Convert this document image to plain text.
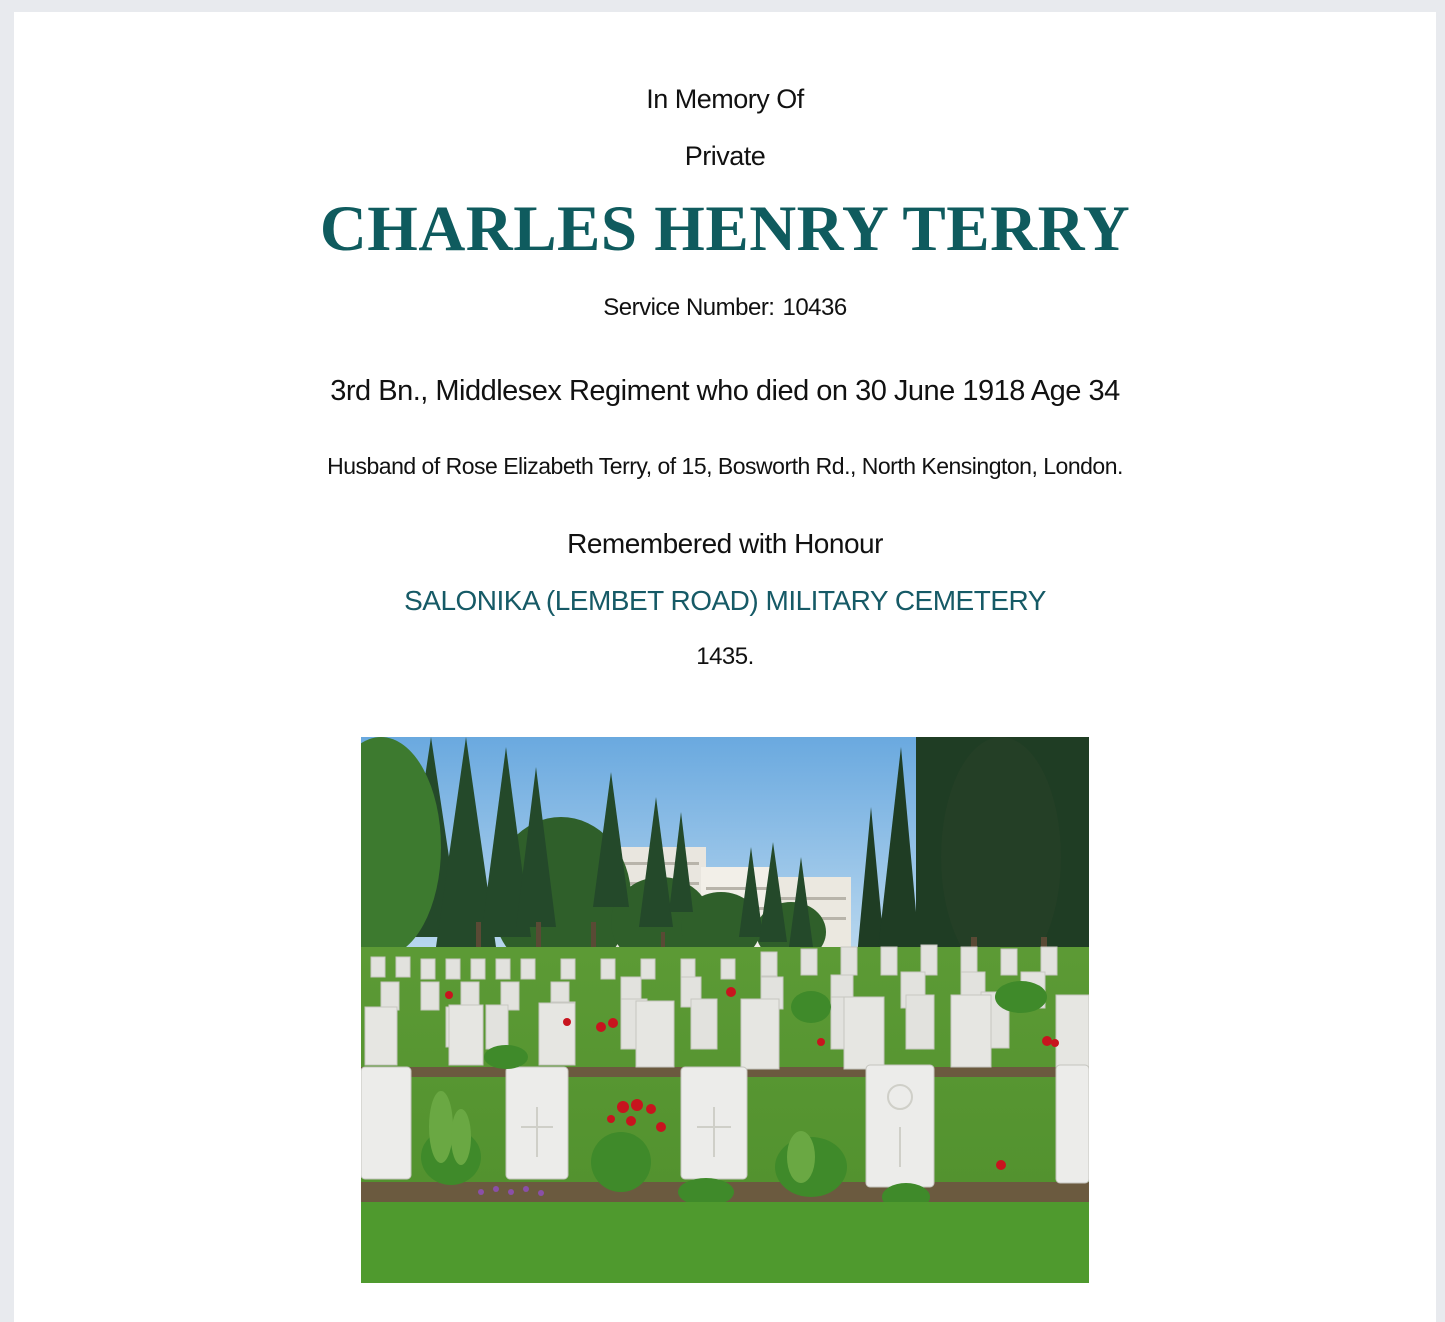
In Memory Of
Private
CHARLES HENRY TERRY
Service Number: 10436
3rd Bn., Middlesex Regiment who died on 30 June 1918 Age 34
Husband of Rose Elizabeth Terry, of 15, Bosworth Rd., North Kensington, London.
Remembered with Honour
SALONIKA (LEMBET ROAD) MILITARY CEMETERY
1435.
